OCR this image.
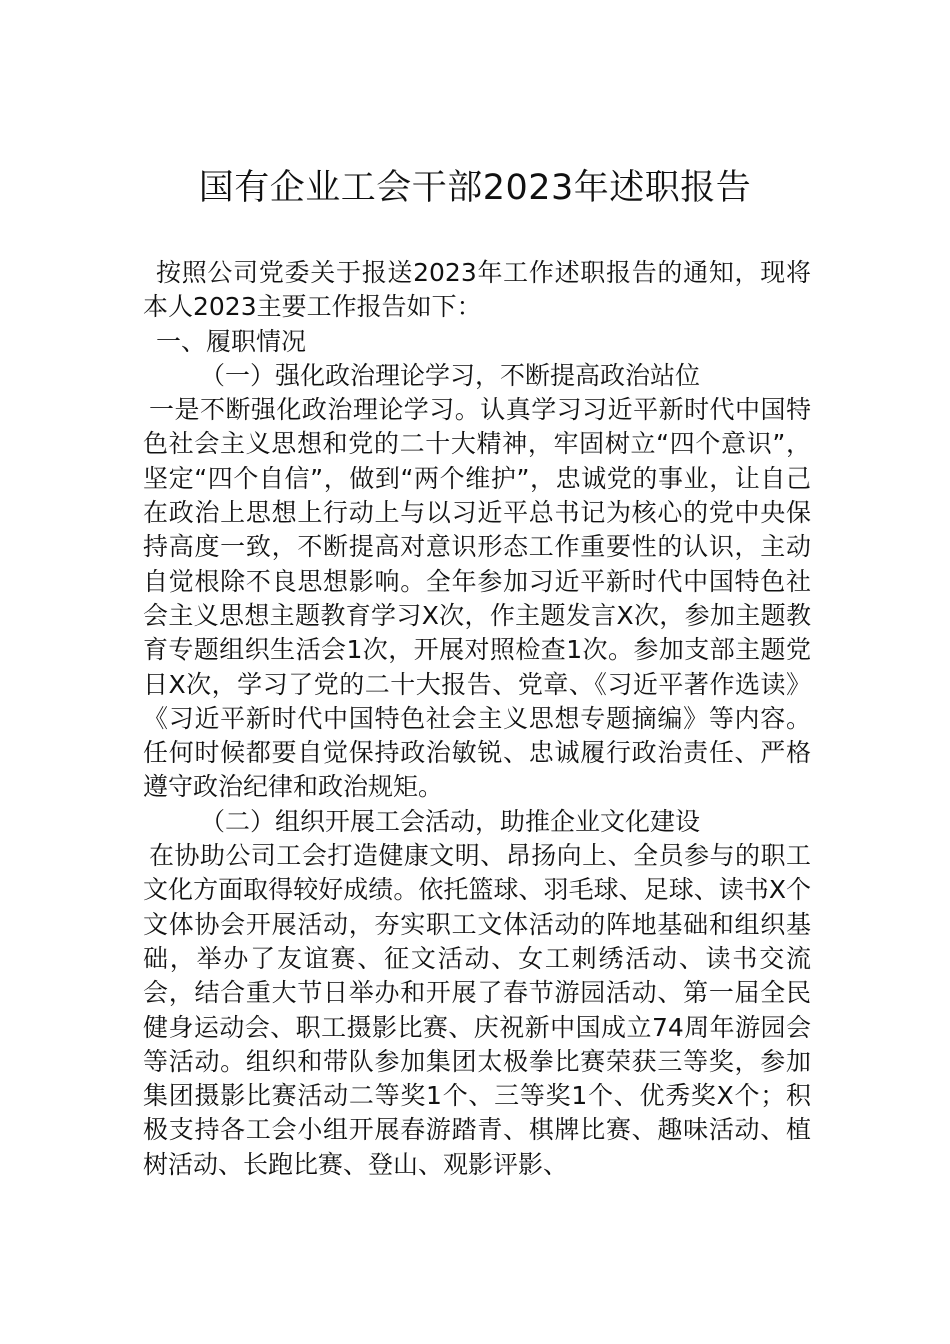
国有企业工会干部2023年述职报告

按照公司党委关于报送2023年工作述职报告的通知，现将本人2023主要工作报告如下：

一、履职情况

（一）强化政治理论学习，不断提高政治站位

一是不断强化政治理论学习。认真学习习近平新时代中国特色社会主义思想和党的二十大精神，牢固树立“四个意识”，坚定“四个自信”，做到“两个维护”，忠诚党的事业，让自己在政治上思想上行动上与以习近平总书记为核心的党中央保持高度一致，不断提高对意识形态工作重要性的认识，主动自觉根除不良思想影响。全年参加习近平新时代中国特色社会主义思想主题教育学习X次，作主题发言X次，参加主题教育专题组织生活会1次，开展对照检查1次。参加支部主题党日X次，学习了党的二十大报告、党章、《习近平著作选读》《习近平新时代中国特色社会主义思想专题摘编》等内容。任何时候都要自觉保持政治敏锐、忠诚履行政治责任、严格遵守政治纪律和政治规矩。

（二）组织开展工会活动，助推企业文化建设

在协助公司工会打造健康文明、昂扬向上、全员参与的职工文化方面取得较好成绩。依托篮球、羽毛球、足球、读书X个文体协会开展活动，夯实职工文体活动的阵地基础和组织基础，举办了友谊赛、征文活动、女工刺绣活动、读书交流会，结合重大节日举办和开展了春节游园活动、第一届全民健身运动会、职工摄影比赛、庆祝新中国成立74周年游园会等活动。组织和带队参加集团太极拳比赛荣获三等奖，参加集团摄影比赛活动二等奖1个、三等奖1个、优秀奖X个；积极支持各工会小组开展春游踏青、棋牌比赛、趣味活动、植树活动、长跑比赛、登山、观影评影、
